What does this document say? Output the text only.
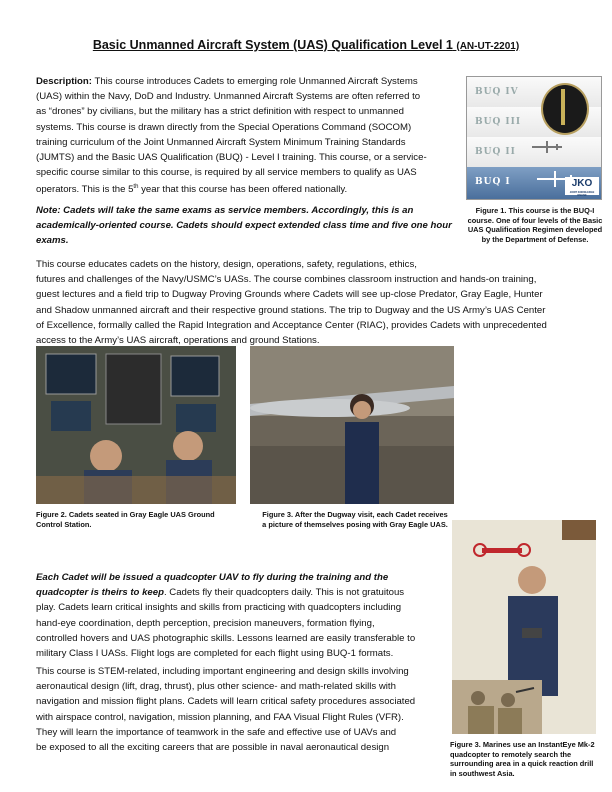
Basic Unmanned Aircraft System (UAS) Qualification Level 1 (AN-UT-2201)
Description: This course introduces Cadets to emerging role Unmanned Aircraft Systems
(UAS) within the Navy, DoD and Industry. Unmanned Aircraft Systems are often referred to
as “drones” by civilians, but the military has a strict definition with respect to unmanned
systems. This course is drawn directly from the Special Operations Command (SOCOM)
training curriculum of the Joint Unmanned Aircraft System Minimum Training Standards
(JUMTS) and the Basic UAS Qualification (BUQ) - Level I training. This course, or a service-
specific course similar to this course, is required by all service members to qualify as UAS
operators. This is the 5th year that this course has been offered nationally.
Note: Cadets will take the same exams as service members. Accordingly, this is an
academically-oriented course. Cadets should expect extended class time and five one hour
exams.
BUQ IV
BUQ III
BUQ II
BUQ I	JKO
JOINT KNOWLEDGE ONLINE
Figure 1. This course is the BUQ-I
course. One of four levels of the Basic
UAS Qualification Regimen developed
by the Department of Defense.
This course educates cadets on the history, design, operations, safety, regulations, ethics,
futures and challenges of the Navy/USMC’s UASs. The course combines classroom instruction and hands-on training,
guest lectures and a field trip to Dugway Proving Grounds where Cadets will see up-close Predator, Gray Eagle, Hunter
and Shadow unmanned aircraft and their respective ground stations. The trip to Dugway and the US Army’s UAS Center
of Excellence, formally called the Rapid Integration and Acceptance Center (RIAC), provides Cadets with unprecedented
access to the Army’s UAS aircraft, operations and ground Stations.
Figure 2. Cadets seated in Gray Eagle UAS Ground
Control Station.
Figure 3. After the Dugway visit, each Cadet receives
a picture of themselves posing with Gray Eagle UAS.
Each Cadet will be issued a quadcopter UAV to fly during the training and the
quadcopter is theirs to keep. Cadets fly their quadcopters daily. This is not gratuitous
play. Cadets learn critical insights and skills from practicing with quadcopters including
hand-eye coordination, depth perception, precision maneuvers, formation flying,
controlled hovers and UAS photographic skills. Lessons learned are easily transferable to
military Class I UASs. Flight logs are completed for each flight using BUQ-1 formats.
This course is STEM-related, including important engineering and design skills involving
aeronautical design (lift, drag, thrust), plus other science- and math-related skills with
navigation and mission flight plans. Cadets will learn critical safety procedures associated
with airspace control, navigation, mission planning, and FAA Visual Flight Rules (VFR).
They will learn the importance of teamwork in the safe and effective use of UAVs and
be exposed to all the exciting careers that are possible in naval aeronautical design	Figure 3. Marines use an InstantEye Mk-2
quadcopter to remotely search the
surrounding area in a quick reaction drill
in southwest Asia.
